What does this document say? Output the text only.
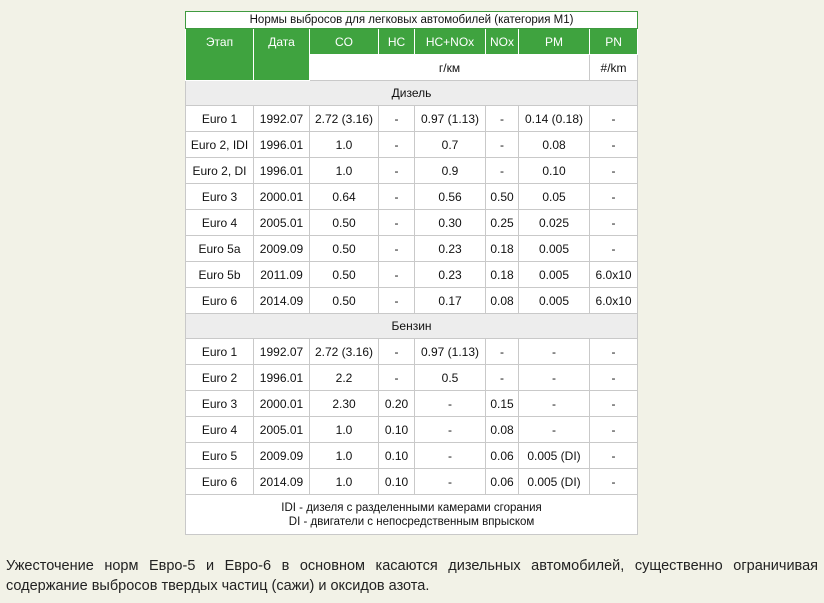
Нормы выбросов для легковых автомобилей (категория М1)							
Этап	Дата	CO	HC	HC+NOx	NOx	PM	PN
		г/км					#/km
Дизель							
Euro 1	1992.07	2.72 (3.16)	-	0.97 (1.13)	-	0.14 (0.18)	-
Euro 2, IDI	1996.01	1.0	-	0.7	-	0.08	-
Euro 2, DI	1996.01	1.0	-	0.9	-	0.10	-
Euro 3	2000.01	0.64	-	0.56	0.50	0.05	-
Euro 4	2005.01	0.50	-	0.30	0.25	0.025	-
Euro 5a	2009.09	0.50	-	0.23	0.18	0.005	-
Euro 5b	2011.09	0.50	-	0.23	0.18	0.005	6.0x10
Euro 6	2014.09	0.50	-	0.17	0.08	0.005	6.0x10
Бензин							
Euro 1	1992.07	2.72 (3.16)	-	0.97 (1.13)	-	-	-
Euro 2	1996.01	2.2	-	0.5	-	-	-
Euro 3	2000.01	2.30	0.20	-	0.15	-	-
Euro 4	2005.01	1.0	0.10	-	0.08	-	-
Euro 5	2009.09	1.0	0.10	-	0.06	0.005 (DI)	-
Euro 6	2014.09	1.0	0.10	-	0.06	0.005 (DI)	-

IDI - дизеля с разделенными камерами сгорания
DI - двигатели с непосредственным впрыском							

Ужесточение норм Евро-5 и Евро-6 в основном касаются дизельных автомобилей, существенно ограничивая содержание выбросов твердых частиц (сажи) и оксидов азота.
